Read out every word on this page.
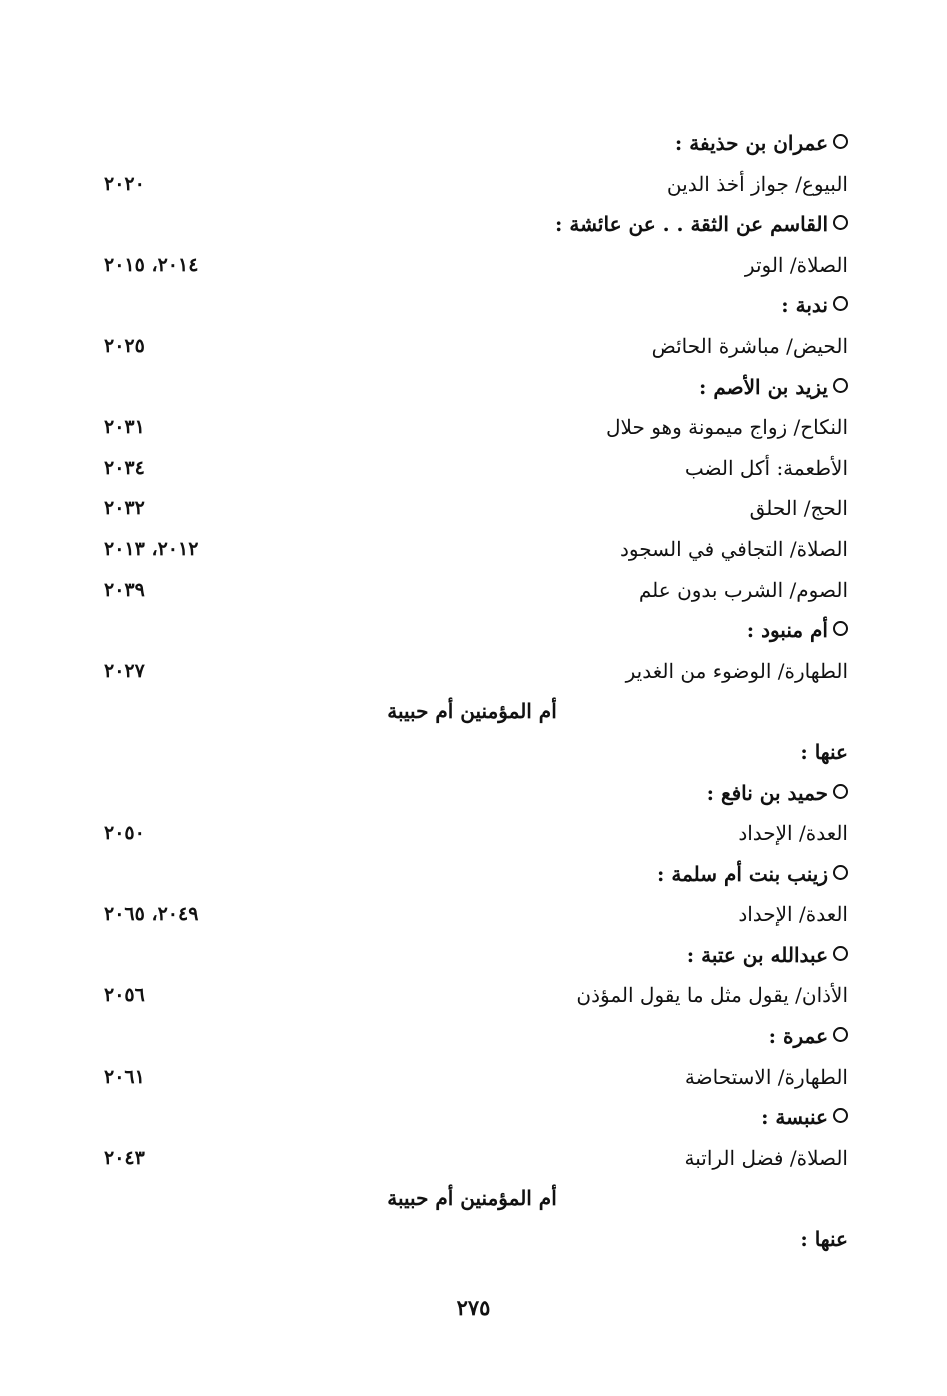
عمران بن حذيفة :
البيوع/ جواز أخذ الدين
٢٠٢٠
القاسم عن الثقة . . عن عائشة :
الصلاة/ الوتر
٢٠١٤، ٢٠١٥
ندبة :
الحيض/ مباشرة الحائض
٢٠٢٥
يزيد بن الأصم :
النكاح/ زواج ميمونة وهو حلال
٢٠٣١
الأطعمة: أكل الضب
٢٠٣٤
الحج/ الحلق
٢٠٣٢
الصلاة/ التجافي في السجود
٢٠١٢، ٢٠١٣
الصوم/ الشرب بدون علم
٢٠٣٩
أم منبود :
الطهارة/ الوضوء من الغدير
٢٠٢٧
أم المؤمنين أم حبيبة
عنها :
حميد بن نافع :
العدة/ الإحداد
٢٠٥٠
زينب بنت أم سلمة :
العدة/ الإحداد
٢٠٤٩، ٢٠٦٥
عبدالله بن عتبة :
الأذان/ يقول مثل ما يقول المؤذن
٢٠٥٦
عمرة :
الطهارة/ الاستحاضة
٢٠٦١
عنبسة :
الصلاة/ فضل الراتبة
٢٠٤٣
أم المؤمنين أم حبيبة
عنها :
٢٧٥
